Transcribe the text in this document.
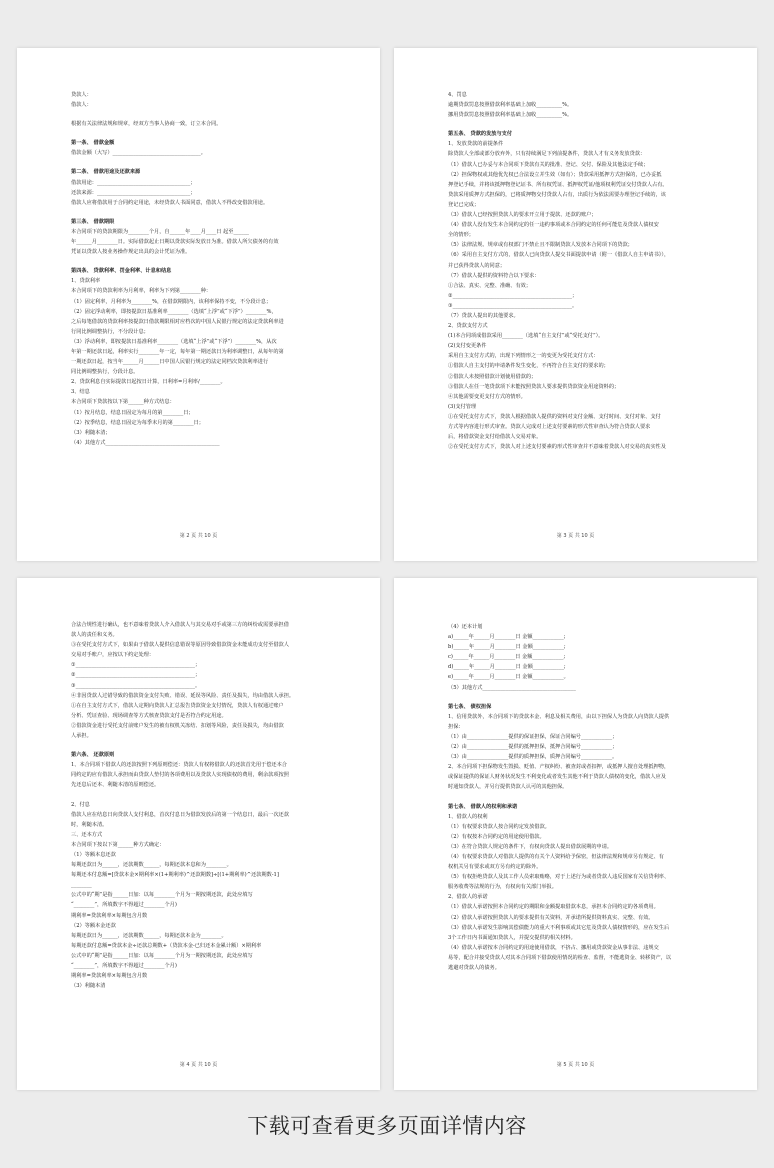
贷款人：
借款人：
根据有关法律法规和规章，经双方当事人协商一致，订立本合同。
第一条、 借款金额
借款金额（大写）__________________________________。
第二条、 借款用途及还款来源
借款用途：____________________________________；
还款来源：____________________________________；
借款人应将借款用于合同约定用途，未经贷款人书面同意，借款人不得改变借款用途。
第三条、 借款期限
本合同项下的贷款期限为________个月，自______年____月____日 起至______
年______月________日。实际借款起止日期以贷款实际发放日为准。借款人所欠债务的有效
凭证以贷款人按业务操作规定出具的会计凭证为准。
第四条、 贷款利率、罚金利率、计息和结息
1、贷款利率
本合同项下的贷款利率为月利率，利率为下列第________种：
（1）固定利率，月利率为________%，在借款期限内，该利率保持不变，不分段计息；
（2）固定浮动利率，即按提款日基准利率________（选填“上浮”或“下浮”）________%，
之后每笔借款的贷款利率按提款日借款期限相对应档次的中国人民银行规定的法定贷款利率进
行同比例调整执行，不分段计息；
（3）浮动利率，即按提款日基准利率________（选填“上浮”或“下浮”）________%，从次
年第一期还款日起，利率实行________年一定，每年第一期还款日为利率调整日，从每年的第
一期还款日起，按当年______月______日中国人民银行规定的法定同档次贷款利率进行
同比例调整执行，分段计息。
2、贷款利息自实际提款日起按日计算，日利率=月利率/________。
3、结息
本合同项下贷款按以下第______种方式结息：
（1）按月结息，结息日固定为每月的第________日；
（2）按季结息，结息日固定为每季末月的第________日；
（3）利随本清；
（4）其他方式____________________________________________
第 2 页 共 10 页
4、罚息
逾期贷款罚息按照借款利率基础上加收__________%。
挪用贷款罚息按照借款利率基础上加收__________%。
第五条、 贷款的发放与支付
1、发放贷款的前提条件
除贷款人全部或部分放弃外，只有持续满足下列前提条件，贷款人才有义务发放贷款：
（1）借款人已办妥与本合同项下贷款有关的批准、登记、交付、保险及其他法定手续；
（2）担保物权或其他优先权已合法设立并生效（如有）；贷款采用抵押方式担保的，已办妥抵
押登记手续，并将该抵押物登记证书、所有权凭证、抵押权凭证/他项权利凭证交付贷款人占有。
贷款采用质押方式担保的，已将质押物交付贷款人占有，出质行为依法需要办理登记手续的，该
登记已完成；
（3）借款人已经按照贷款人的要求开立用于提款、还款的账户；
（4）借款人没有发生本合同约定的任一违约事项或本合同约定的任何可能危及贷款人债权安
全的情形；
（5）法律法规、规章或有权部门不禁止且不限制贷款人发放本合同项下的贷款；
（6）采用自主支付方式的，借款人已向贷款人提交书面提款申请（附一《借款人自主申请书》），
并已获得贷款人的同意；
（7）借款人提供的资料符合以下要求：
①合法、真实、完整、准确、有效；
②______________________________________________；
③______________________________________________。
（7）贷款人提出的其他要求。
2、贷款支付方式
(1)本合同项成借款采用________（选填“自主支付”或“受托支付”）。
(2)支付变更条件
采用自主支付方式的，出现下列情形之一的变更为受托支付方式：
①借款人自主支付的申请条件发生变化，不再符合自主支付的要求的；
②借款人未按照借款计划使用借款的；
③借款人在任一笔贷款项下未能按照贷款人要求提供贷款资金用途资料的；
④其他需要变更支付方式的情形。
(3)支付管理
①在受托支付方式下，贷款人根据借款人提供的资料对支付金额、支付时间、支付对象、支付
方式等内容进行形式审查。贷款人完成对上述支付要素的形式性审查认为符合贷款人要求
后，将借款资金支付给借款人交易对象。
②在受托支付方式下，贷款人对上述支付要素的形式性审查并不意味着贷款人对交易的真实性及
第 3 页 共 10 页
合法合规性进行确认，也不意味着贷款人介入借款人与其交易对手或第三方的纠纷或需要承担借
款人的责任和义务。
③在受托支付方式下，如果由于借款人提供信息错误等原因导致借款资金未能成功支付至借款人
交易对手账户，应按以下约定处理：
①______________________________________________；
②______________________________________________；
③______________________________________________。
④非因贷款人过错导致的借款资金支付失败、错误、延误等风险、责任及损失，均由借款人承担。
①在自主支付方式下，借款人定期向贷款人汇总报告贷款资金支付情况，贷款人有权通过账户
分析、凭证查验、现场调查等方式核查贷款支付是否符合约定用途。
②借款资金进行受托支付前账户发生的被有权机关冻结、扣划等风险，责任及损失，均由借款
人承担。
第六条、 还款原则
1、本合同项下借款人的还款按照下列原则偿还：贷款人有权将借款人的还款首先用于偿还本合
同约定的应有借款人承担而由贷款人垫付的各项费用以及贷款人实现债权的费用，剩余款项按照
先还息后还本、利随本清的原则偿还。
2、付息
借款人应在结息日向贷款人支付利息，首次付息日为借款发放后的第一个结息日，最后一次还款
时，利随本清。
三、还本方式
本合同项下按以下第______种方式确定：
（1）等额本息还款
每期还款日为______，还款期数______，每期还款本息和为________。
每期还本付息额=[贷款本金×期利率×(1+期利率)^还款期数]÷[(1+期利率)^还款期数-1]
________
公式中的“期”是指______日加：以每________个月为一期按期还款，此处应填写
“________”，所填数字不得超过________个月)
期利率=贷款利率×每期包含月数
（2）等额本金还款
每期还款日为______，还款期数______，每期还款本金为________。
每期还款付息额=贷款本金÷还款总期数+（贷款本金-已归还本金累计额）×期利率
公式中的“期”是指______日加：以每________个月为一期按期还款，此处应填写
“________”，所填数字不得超过________个月)
期利率=贷款利率×每期包含月数
（3）利随本清
第 4 页 共 10 页
（4）还本计划
a)______年______月________日 金额____________;
b)______年______月________日 金额____________;
c)______年______月________日 金额____________;
d)______年______月________日 金额____________;
e)______年______月________日 金额____________。
（5）其他方式____________________________________
第七条、 债权担保
1、信用贷款外，本合同项下的贷款本金、利息及相关费用，由以下担保人为贷款人向贷款人提供
担保：
（1）由________________提供的保证担保，保证合同编号____________；
（2）由________________提供的抵押担保，抵押合同编号____________；
（3）由________________提供的质押担保，质押合同编号____________。
2、本合同项下担保物发生毁损、贬值、产权纠纷、被查封或者扣押，或抵押人擅自处理抵押物，
或保证提供的保证人财务状况发生不利变化或者发生其他不利于贷款人债权的变化，借款人应及
时通知贷款人，并另行提供贷款人认可的其他担保。
第七条、 借款人的权利和承诺
1、借款人的权利
（1）有权要求贷款人按合同约定发放借款。
（2）有权按本合同约定的用途使用借款。
（3）在符合贷款人规定的条件下，有权向贷款人提出借款展期的申请。
（4）有权要求贷款人对借款人提供的有关个人资料给予保密，但法律法规和规章另有规定、有
权机关另有要求或双方另有约定的除外。
（5）有权拒绝贷款人及其工作人员索取贿赂，对于上述行为或者贷款人违反国家有关信贷利率、
服务收费等法规的行为，有权向有关部门举报。
2、借款人的承诺
（1）借款人承诺按照本合同约定的期限和金额提取借款本息，承担本合同约定的各项费用。
（2）借款人承诺按照贷款人的要求提供有关资料，并承诺所提供资料真实、完整、有效。
（3）借款人承诺发生影响其偿债能力的重大不利事项或其它危及贷款人债权情形的，应在发生后
3个工作日内书面通知贷款人，并提交提供的相关材料。
（4）借款人承诺按本合同约定的用途使用借款，不挤占、挪用或贷款资金从事非法、违规交
易等，配合并接受贷款人对其本合同项下借款使用情况的检查、监督，不能逃资金、转移资产，以
逃避对贷款人的债务。
第 5 页 共 10 页
下载可查看更多页面详情内容
